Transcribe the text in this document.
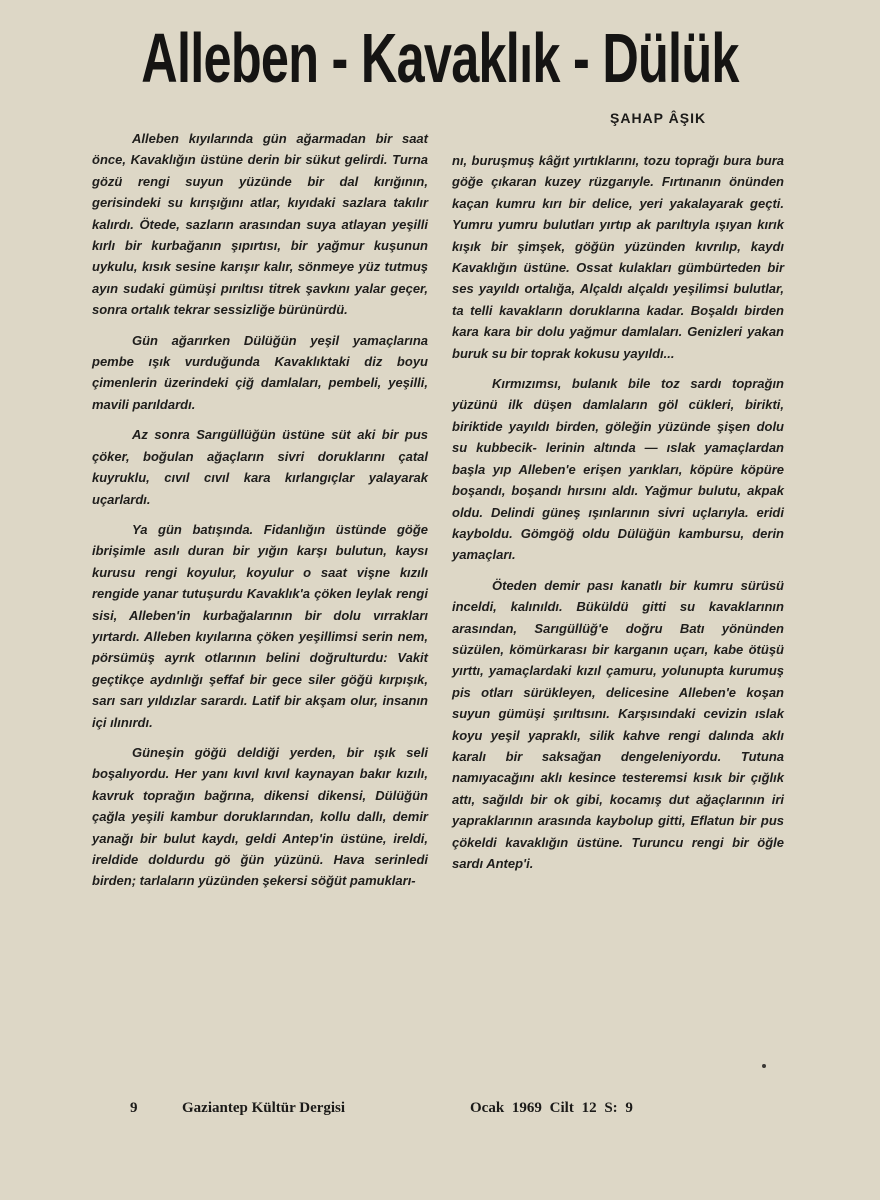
Alleben - Kavaklık - Dülük
ŞAHAP ÂŞIK

Alleben kıyılarında gün ağarmadan bir saat önce, Kavaklığın üstüne derin bir sükut gelirdi. Turna gözü rengi suyun yüzünde bir dal kırığının, gerisindeki su kırışığını atlar, kıyıdaki sazlara takılır kalırdı. Ötede, sazların arasından suya atlayan yeşilli kırlı bir kurbağanın şıpırtısı, bir yağmur kuşunun uykulu, kısık sesine karışır kalır, sönmeye yüz tutmuş ayın sudaki gümüşi pırıltısı titrek şavkını yalar geçer, sonra ortalık tekrar sessizliğe bürünürdü.

Gün ağarırken Dülüğün yeşil yamaçlarına pembe ışık vurduğunda Kavaklıktaki diz boyu çimenlerin üzerindeki çiğ damlaları, pembeli, yeşilli, mavili parıldardı.

Az sonra Sarıgüllüğün üstüne süt aki bir pus çöker, boğulan ağaçların sivri doruklarını çatal kuyruklu, cıvıl cıvıl kara kırlangıçlar yalayarak uçarlardı.

Ya gün batışında. Fidanlığın üstünde göğe ibrişimle asılı duran bir yığın karşı bulutun, kaysı kurusu rengi koyulur, koyulur o saat vişne kızılı rengide yanar tutuşurdu Kavaklık'a çöken leylak rengi sisi, Alleben'in kurbağalarının bir dolu vırrakları yırtardı. Alleben kıyılarına çöken yeşillimsi serin nem, pörsümüş ayrık otlarının belini doğrulturdu: Vakit geçtikçe aydınlığı şeffaf bir gece siler göğü kırpışık, sarı sarı yıldızlar sarardı. Latif bir akşam olur, insanın içi ılınırdı.

Güneşin göğü deldiği yerden, bir ışık seli boşalıyordu. Her yanı kıvıl kıvıl kaynayan bakır kızılı, kavruk toprağın bağrına, dikensi dikensi, Dülüğün çağla yeşili kambur doruklarından, kollu dallı, demir yanağı bir bulut kaydı, geldi Antep'in üstüne, ireldi, ireldide doldurdu gö ğün yüzünü. Hava serinledi birden; tarlaların yüzünden şekersi söğüt pamukları-

nı, buruşmuş kâğıt yırtıklarını, tozu toprağı bura bura göğe çıkaran kuzey rüzgarıyle. Fırtınanın önünden kaçan kumru kırı bir delice, yeri yakalayarak geçti. Yumru yumru bulutları yırtıp ak parıltıyla ışıyan kırık kışık bir şimşek, göğün yüzünden kıvrılıp, kaydı Kavaklığın üstüne. Ossat kulakları gümbürteden bir ses yayıldı ortalığa, Alçaldı alçaldı yeşilimsi bulutlar, ta telli kavakların doruklarına kadar. Boşaldı birden kara kara bir dolu yağmur damlaları. Genizleri yakan buruk su bir toprak kokusu yayıldı...

Kırmızımsı, bulanık bile toz sardı toprağın yüzünü ilk düşen damlaların göl cükleri, birikti, biriktide yayıldı birden, göleğin yüzünde şişen dolu su kubbecik- lerinin altında — ıslak yamaçlardan başla yıp Alleben'e erişen yarıkları, köpüre köpüre boşandı, boşandı hırsını aldı. Yağmur bulutu, akpak oldu. Delindi güneş ışınlarının sivri uçlarıyla. eridi kayboldu. Gömgöğ oldu Dülüğün kambursu, derin yamaçları.

Öteden demir pası kanatlı bir kumru sürüsü inceldi, kalınıldı. Büküldü gitti su kavaklarının arasından, Sarıgüllüğ'e doğru Batı yönünden süzülen, kömürkarası bir karganın uçarı, kabe ötüşü yırttı, yamaçlardaki kızıl çamuru, yolunupta kurumuş pis otları sürükleyen, delicesine Alleben'e koşan suyun gümüşi şırıltısını. Karşısındaki cevizin ıslak koyu yeşil yapraklı, silik kahve rengi dalında aklı karalı bir saksağan dengeleniyordu. Tutuna namıyacağını aklı kesince testeremsi kısık bir çığlık attı, sağıldı bir ok gibi, kocamış dut ağaçlarının iri yapraklarının arasında kaybolup gitti, Eflatun bir pus çökeldi kavaklığın üstüne. Turuncu rengi bir öğle sardı Antep'i.

9	Gaziantep Kültür Dergisi	Ocak 1969 Cilt 12 S: 9
